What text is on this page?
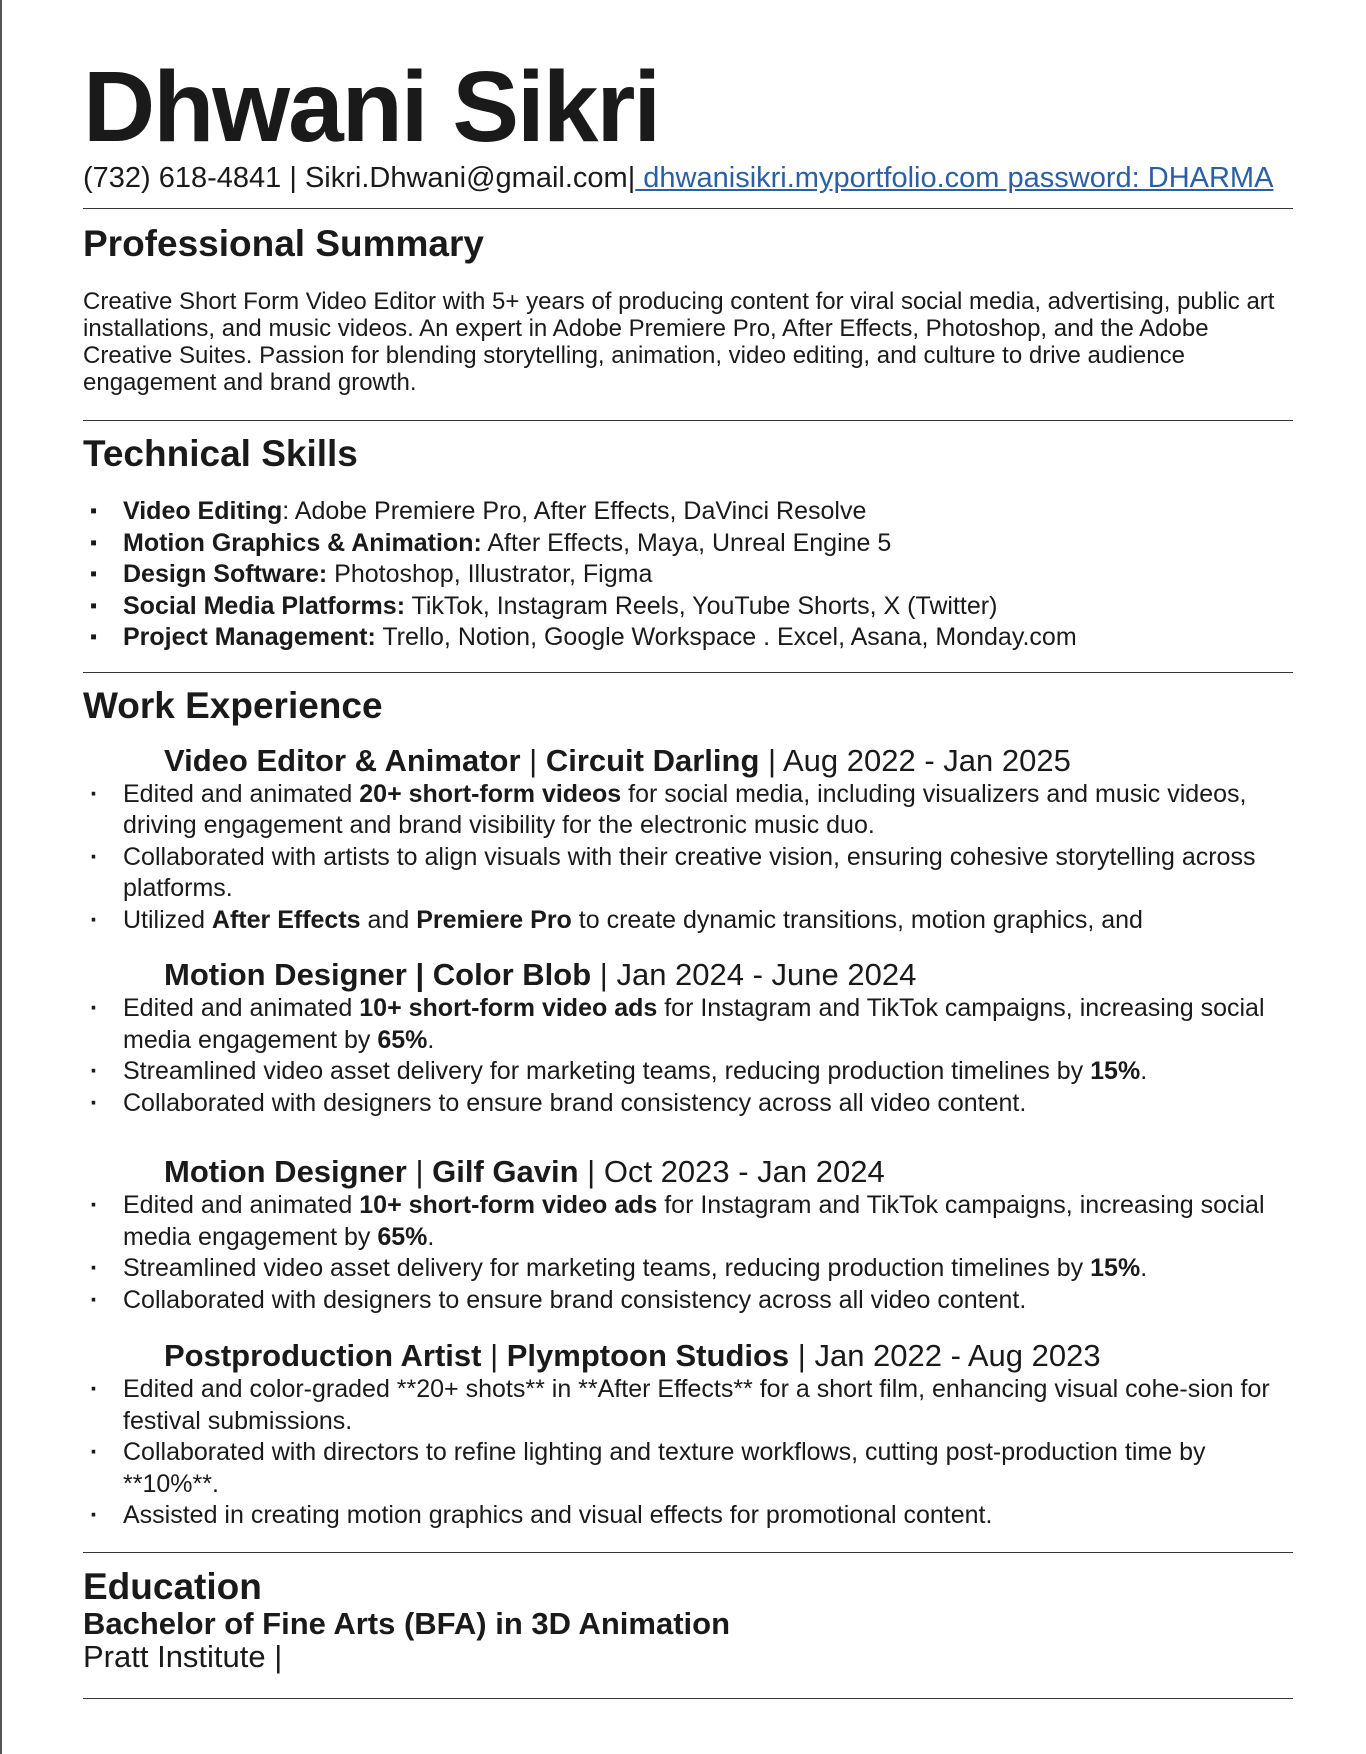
Dhwani Sikri
(732) 618-4841 | Sikri.Dhwani@gmail.com| dhwanisikri.myportfolio.com password: DHARMA
Professional Summary
Creative Short Form Video Editor with 5+ years of producing content for viral social media, advertising, public art installations, and music videos. An expert in Adobe Premiere Pro, After Effects, Photoshop, and the Adobe Creative Suites. Passion for blending storytelling, animation, video editing, and culture to drive audience engagement and brand growth.
Technical Skills
▪ Video Editing: Adobe Premiere Pro, After Effects, DaVinci Resolve
▪ Motion Graphics & Animation: After Effects, Maya, Unreal Engine 5
▪ Design Software: Photoshop, Illustrator, Figma
▪ Social Media Platforms: TikTok, Instagram Reels, YouTube Shorts, X (Twitter)
▪ Project Management: Trello, Notion, Google Workspace . Excel, Asana, Monday.com
Work Experience
Video Editor & Animator | Circuit Darling | Aug 2022 - Jan 2025
· Edited and animated 20+ short-form videos for social media, including visualizers and music videos, driving engagement and brand visibility for the electronic music duo.
· Collaborated with artists to align visuals with their creative vision, ensuring cohesive storytelling across platforms.
· Utilized After Effects and Premiere Pro to create dynamic transitions, motion graphics, and
Motion Designer | Color Blob | Jan 2024 - June 2024
· Edited and animated 10+ short-form video ads for Instagram and TikTok campaigns, increasing social media engagement by 65%.
· Streamlined video asset delivery for marketing teams, reducing production timelines by 15%.
· Collaborated with designers to ensure brand consistency across all video content.
Motion Designer | Gilf Gavin | Oct 2023 - Jan 2024
· Edited and animated 10+ short-form video ads for Instagram and TikTok campaigns, increasing social media engagement by 65%.
· Streamlined video asset delivery for marketing teams, reducing production timelines by 15%.
· Collaborated with designers to ensure brand consistency across all video content.
Postproduction Artist | Plymptoon Studios | Jan 2022 - Aug 2023
· Edited and color-graded **20+ shots** in **After Effects** for a short film, enhancing visual cohe-sion for festival submissions.
· Collaborated with directors to refine lighting and texture workflows, cutting post-production time by **10%**.
· Assisted in creating motion graphics and visual effects for promotional content.
Education
Bachelor of Fine Arts (BFA) in 3D Animation
Pratt Institute |
